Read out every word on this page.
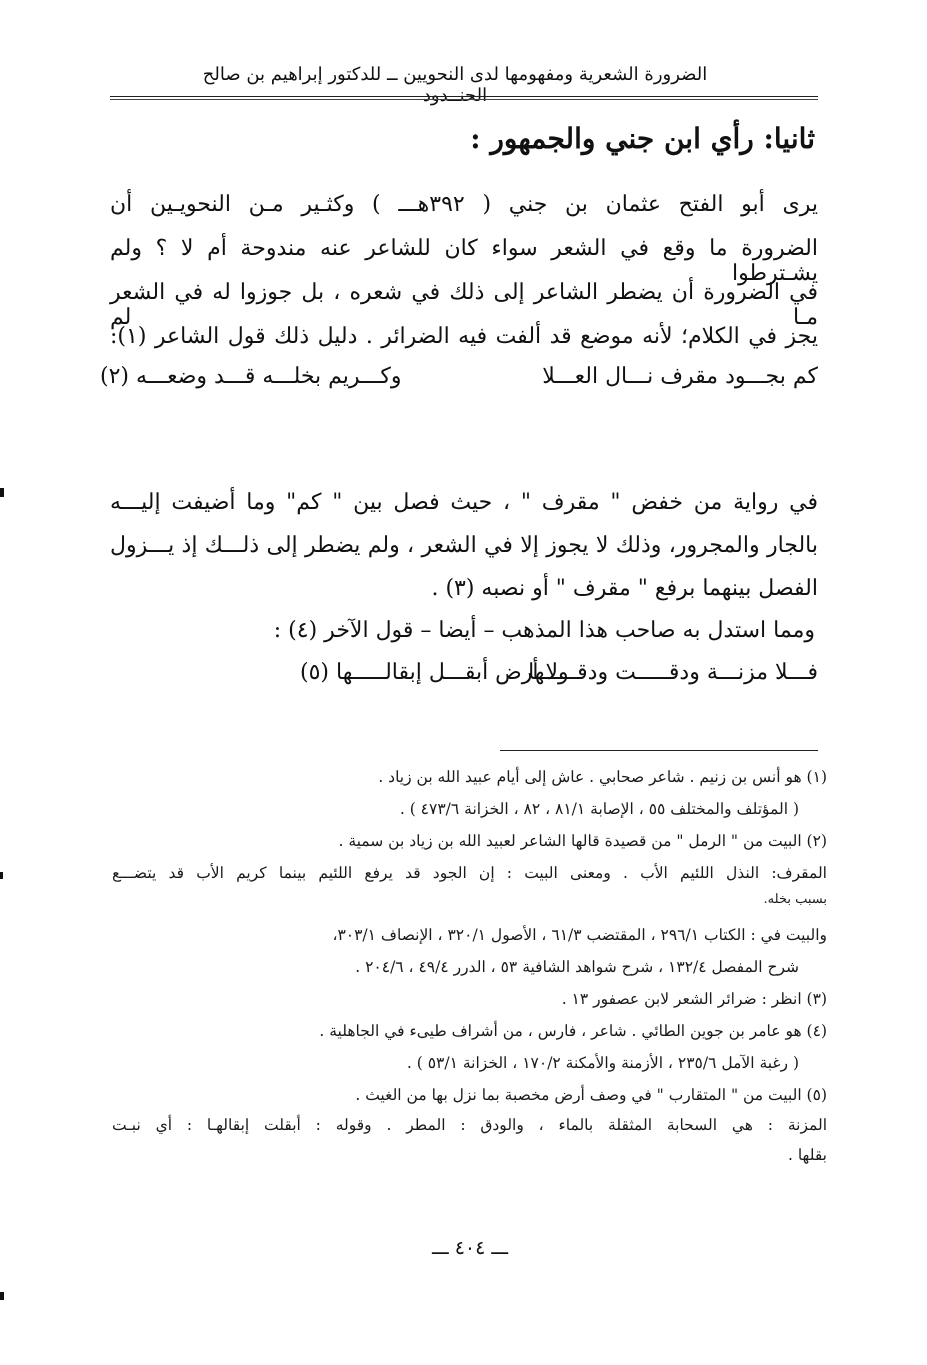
الضرورة الشعرية ومفهومها لدى النحويين ــ للدكتور إبراهيم بن صالح الحنــدود
ثانيا: رأي ابن جني والجمهور :
يرى أبو الفتح عثمان بن جني ( ٣٩٢هـــ ) وكثـير مـن النحويـين أن
الضرورة ما وقع في الشعر سواء كان للشاعر عنه مندوحة أم لا ؟ ولم يشـترطوا
في الضرورة أن يضطر الشاعر إلى ذلك في شعره ، بل جوزوا له في الشعر مـا لم
يجز في الكلام؛ لأنه موضع قد ألفت فيه الضرائر . دليل ذلك قول الشاعر (١):
كم بجـــود مقرف نـــال العـــلا
وكـــريم بخلـــه قـــد وضعـــه (٢)
في رواية من خفض " مقرف " ، حيث فصل بين " كم" وما أضيفت إليـــه
بالجار والمجرور، وذلك لا يجوز إلا في الشعر ، ولم يضطر إلى ذلـــك إذ يـــزول
الفصل بينهما برفع " مقرف " أو نصبه (٣) .
ومما استدل به صاحب هذا المذهب – أيضا – قول الآخر (٤) :
فـــلا مزنـــة ودقـــــت ودقـــــها
ولا أرض أبقـــل إبقالـــــها (٥)
(١) هو أنس بن زنيم . شاعر صحابي . عاش إلى أيام عبيد الله بن زياد .
( المؤتلف والمختلف ٥٥ ، الإصابة ٨١/١ ، ٨٢ ، الخزانة ٤٧٣/٦ ) .
(٢) البيت من " الرمل " من قصيدة قالها الشاعر لعبيد الله بن زياد بن سمية .
المقرف: النذل اللئيم الأب . ومعنى البيت : إن الجود قد يرفع اللئيم بينما كريم الأب قد يتضـــع
بسبب بخله.
والبيت في : الكتاب ٢٩٦/١ ، المقتضب ٦١/٣ ، الأصول ٣٢٠/١ ، الإنصاف ٣٠٣/١،
شرح المفصل ١٣٢/٤ ، شرح شواهد الشافية ٥٣ ، الدرر ٤٩/٤ ، ٢٠٤/٦ .
(٣) انظر : ضرائر الشعر لابن عصفور ١٣ .
(٤) هو عامر بن جوين الطائي . شاعر ، فارس ، من أشراف طيىء في الجاهلية .
( رغبة الآمل ٢٣٥/٦ ، الأزمنة والأمكنة ١٧٠/٢ ، الخزانة ٥٣/١ ) .
(٥) البيت من " المتقارب " في وصف أرض مخصبة بما نزل بها من الغيث .
المزنة : هي السحابة المثقلة بالماء ، والودق : المطر . وقوله : أبقلت إبقالهـا : أي نبـت
بقلها .
ـــ ٤٠٤ ـــ
